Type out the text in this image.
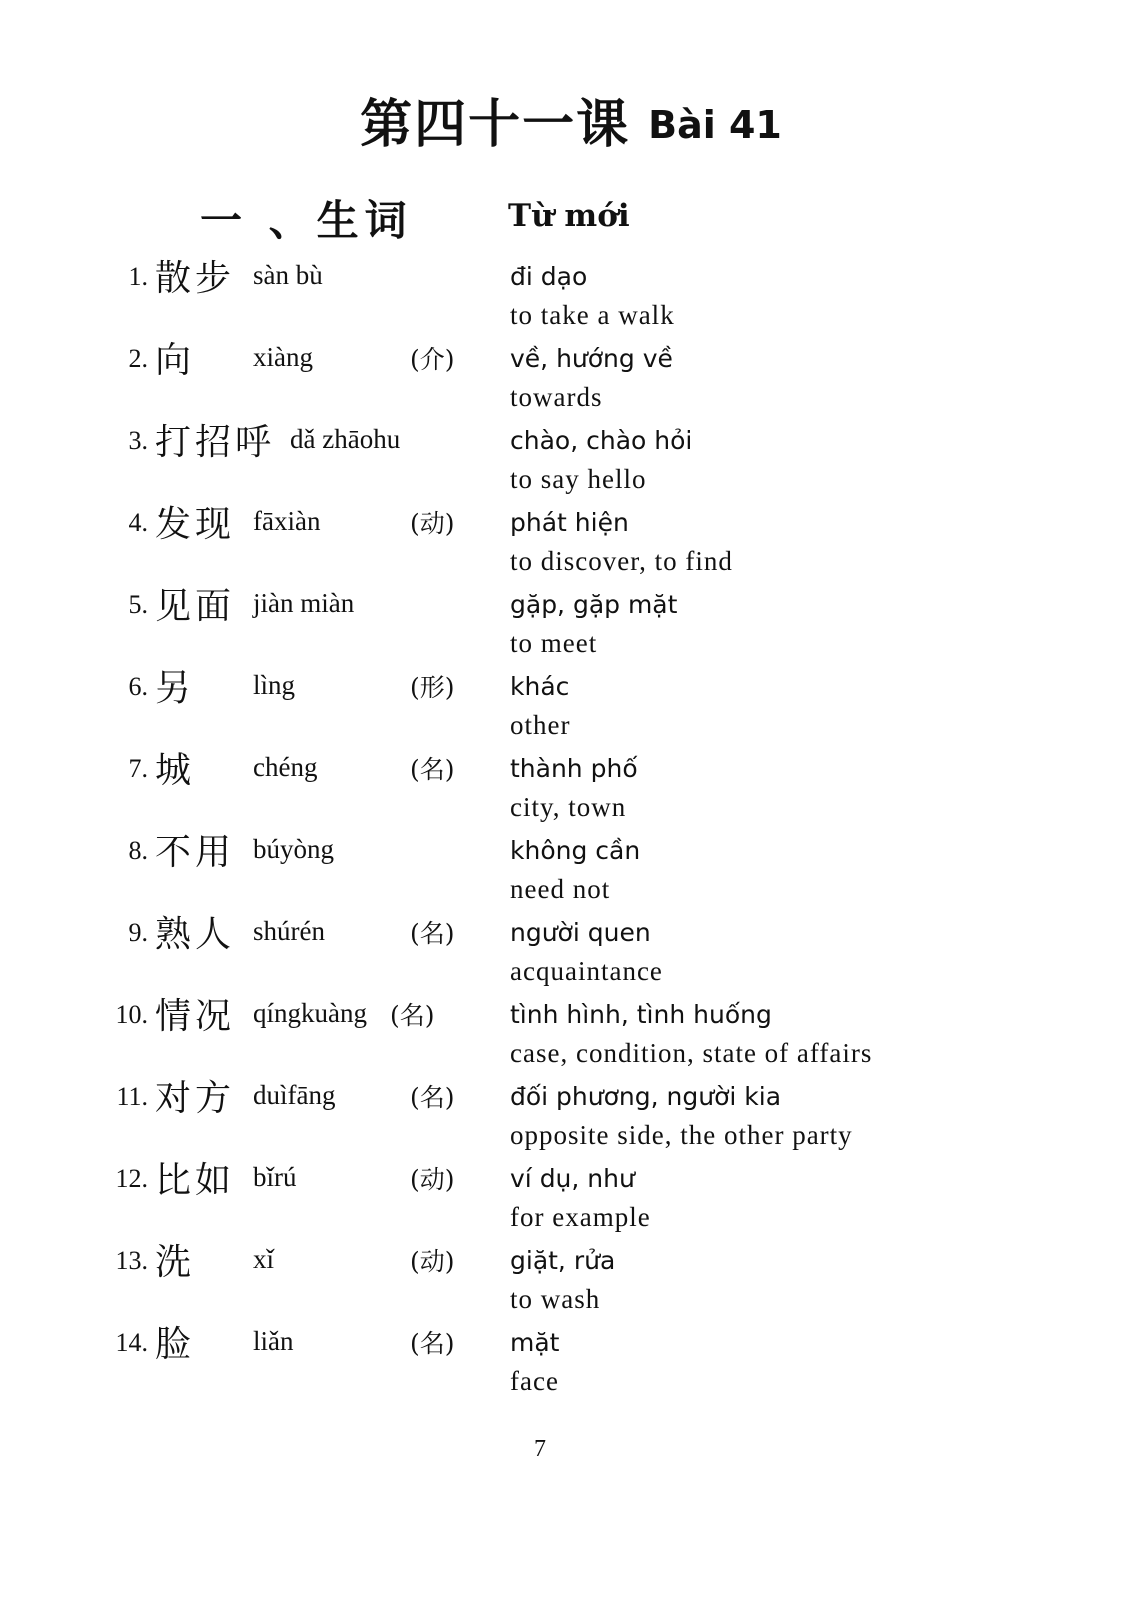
第四十一课 Bài 41
一 、生词	Từ mới
1. 散步 sàn bù	đi dạo
to take a walk
2. 向 xiàng	(介) về, hướng về
towards
3. 打招呼 dǎ zhāohu	chào, chào hỏi
to say hello
4. 发现 fāxiàn	(动) phát hiện
to discover, to find
5. 见面 jiàn miàn	gặp, gặp mặt
to meet
6. 另 lìng	(形) khác
other
7. 城 chéng	(名) thành phố
city, town
8. 不用 búyòng	không cần
need not
9. 熟人 shúrén	(名) người quen
acquaintance
10. 情况 qíngkuàng (名)	tình hình, tình huống
case, condition, state of affairs
11. 对方 duìfāng	(名) đối phương, người kia
opposite side, the other party
12. 比如 bǐrú	(动) ví dụ, như
for example
13. 洗 xǐ	(动) giặt, rửa
to wash
14. 脸 liǎn	(名) mặt
face
7
